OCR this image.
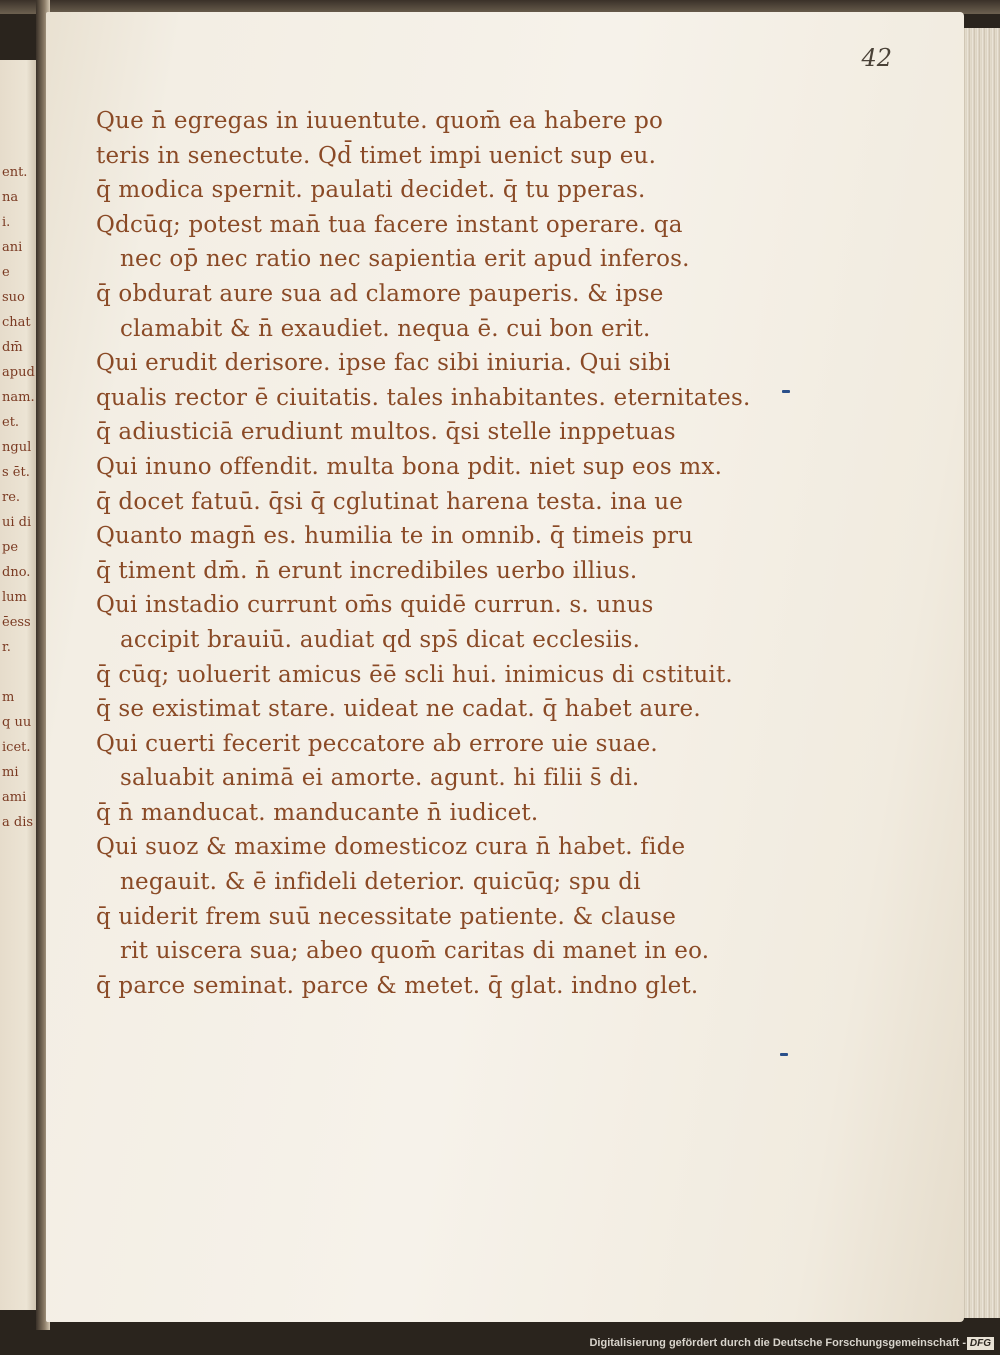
ent.
na
i.
ani
e
suo
chat
dm̄
apud
nam.
et.
ngul
s ēt.
re.
ui di
pe
dno.
lum
ēess
r.
m
q uu
icet.
mi
ami
a dis
42
Que n̄ egregas in iuuentute. quom̄ ea habere po
teris in senectute. Qd̄ timet impi uenict sup eu.
q̄ modica spernit. paulati decidet. q̄ tu pperas.
Qdcūq; potest man̄ tua facere instant operare. qa
nec op̄ nec ratio nec sapientia erit apud inferos.
q̄ obdurat aure sua ad clamore pauperis. & ipse
clamabit & n̄ exaudiet. nequa ē. cui bon erit.
Qui erudit derisore. ipse fac sibi iniuria. Qui sibi
qualis rector ē ciuitatis. tales inhabitantes. eternitates.
q̄ adiusticiā erudiunt multos. q̄si stelle inppetuas
Qui inuno offendit. multa bona pdit. niet sup eos mx.
q̄ docet fatuū. q̄si q̄ cglutinat harena testa. ina ue
Quanto magn̄ es. humilia te in omnib. q̄ timeis pru
q̄ timent dm̄. n̄ erunt incredibiles uerbo illius.
Qui instadio currunt om̄s quidē currun. s. unus
accipit brauiū. audiat qd sps̄ dicat ecclesiis.
q̄ cūq; uoluerit amicus ēē scli hui. inimicus di cstituit.
q̄ se existimat stare. uideat ne cadat. q̄ habet aure.
Qui cuerti fecerit peccatore ab errore uie suae.
saluabit animā ei amorte. agunt. hi filii s̄ di.
q̄ n̄ manducat. manducante n̄ iudicet.
Qui suoz & maxime domesticoz cura n̄ habet. fide
negauit. & ē infideli deterior. quicūq; spu di
q̄ uiderit frem suū necessitate patiente. & clause
rit uiscera sua; abeo quom̄ caritas di manet in eo.
q̄ parce seminat. parce & metet. q̄ glat. indno glet.
Digitalisierung gefördert durch die Deutsche Forschungsgemeinschaft - DFG
